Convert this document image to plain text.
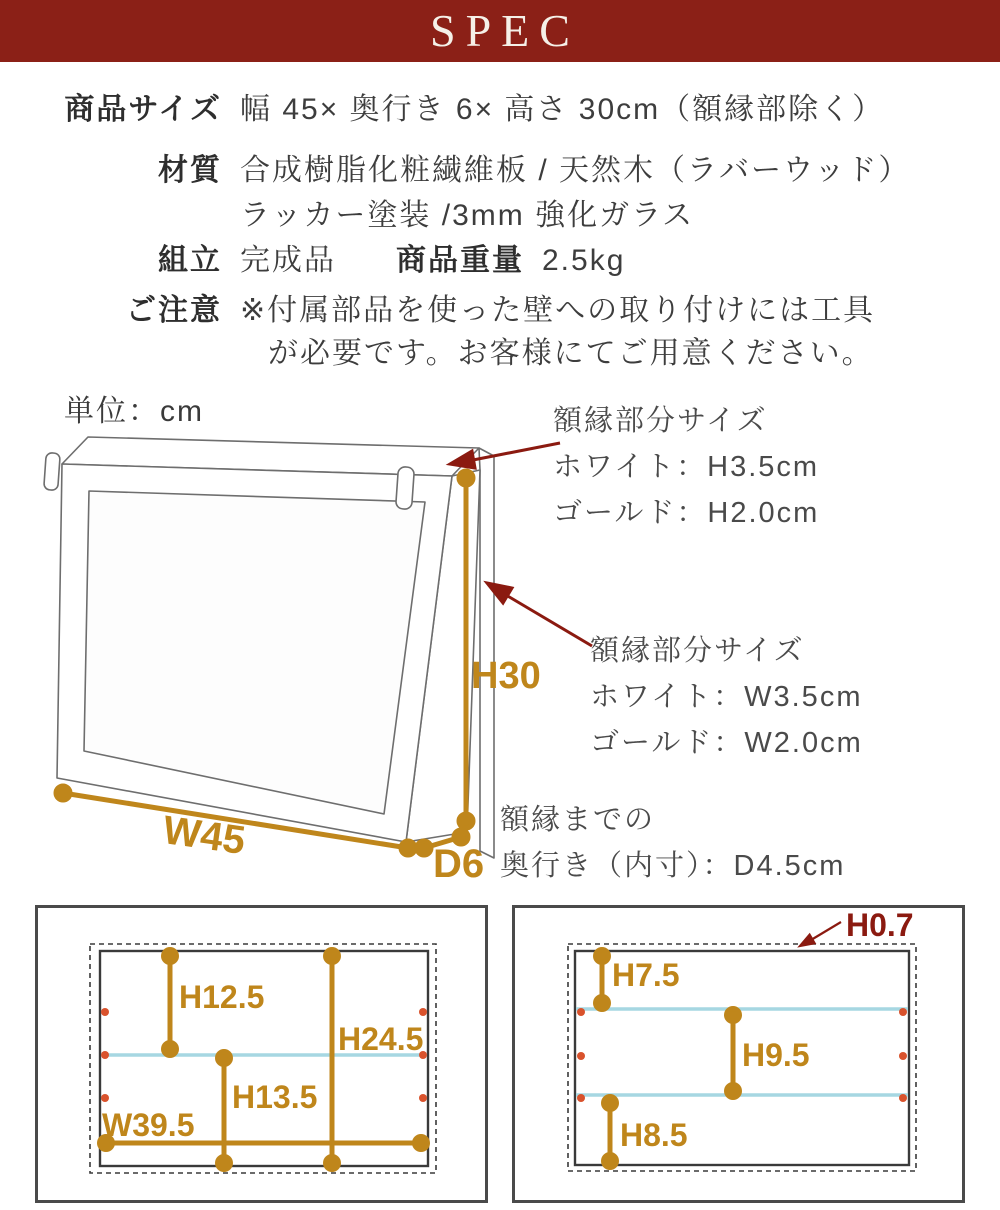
SPEC
商品サイズ 幅 45× 奥行き 6× 高さ 30cm（額縁部除く）
材質 合成樹脂化粧繊維板 / 天然木（ラバーウッド）
ラッカー塗装 /3mm 強化ガラス
組立 完成品 商品重量 2.5kg
ご注意 ※付属部品を使った壁への取り付けには工具
が必要です。お客様にてご用意ください。
単位：cm
H30
W45
D6
額縁部分サイズ
ホワイト：H3.5cm
ゴールド：H2.0cm
額縁部分サイズ
ホワイト：W3.5cm
ゴールド：W2.0cm
額縁までの
奥行き（内寸）：D4.5cm
H12.5
H24.5
H13.5
W39.5
H7.5
H9.5
H8.5
H0.7
